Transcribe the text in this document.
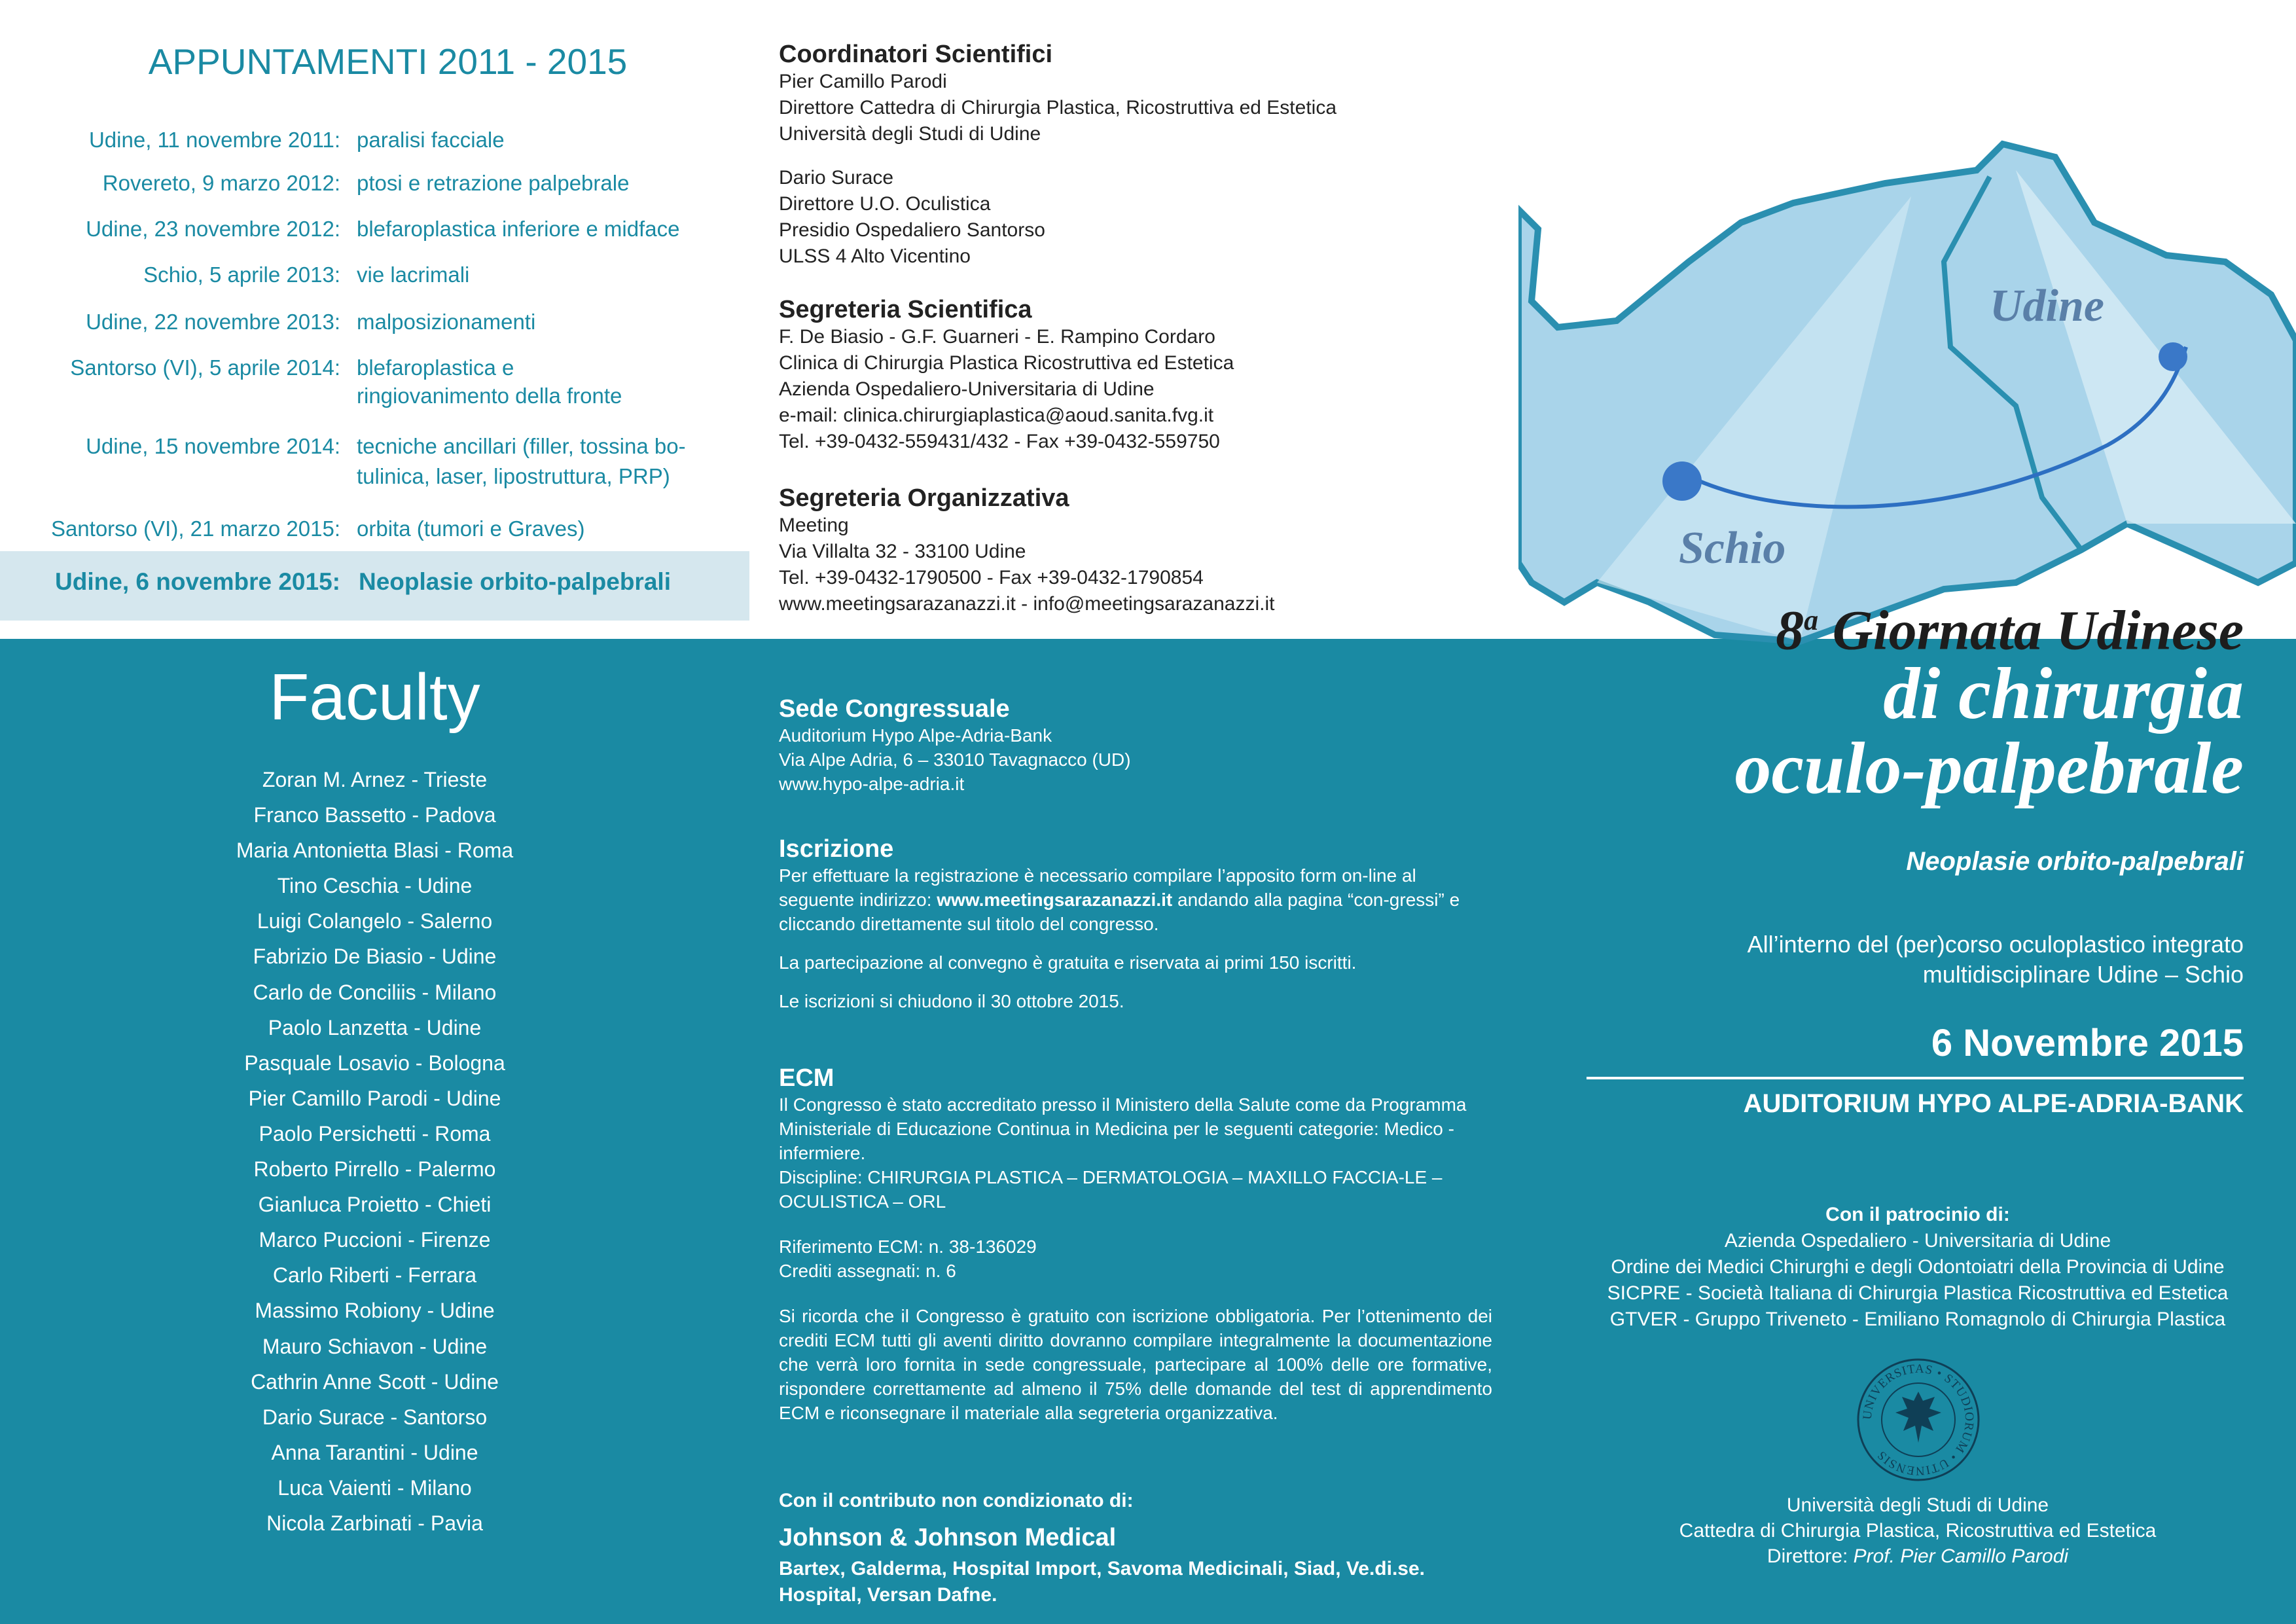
APPUNTAMENTI 2011 - 2015
Udine, 11 novembre 2011: paralisi facciale
Rovereto, 9 marzo 2012: ptosi e retrazione palpebrale
Udine, 23 novembre 2012: blefaroplastica inferiore e midface
Schio, 5 aprile 2013: vie lacrimali
Udine, 22 novembre 2013: malposizionamenti
Santorso (VI), 5 aprile 2014: blefaroplastica e
ringiovanimento della fronte
Udine, 15 novembre 2014: tecniche ancillari (filler, tossina bo-
tulinica, laser, lipostruttura, PRP)
Santorso (VI), 21 marzo 2015: orbita (tumori e Graves)
Udine, 6 novembre 2015: Neoplasie orbito-palpebrali
Coordinatori Scientifici
Pier Camillo Parodi
Direttore Cattedra di Chirurgia Plastica, Ricostruttiva ed Estetica
Università degli Studi di Udine
Dario Surace
Direttore U.O. Oculistica
Presidio Ospedaliero Santorso
ULSS 4 Alto Vicentino
Segreteria Scientifica
F. De Biasio - G.F. Guarneri - E. Rampino Cordaro
Clinica di Chirurgia Plastica Ricostruttiva ed Estetica
Azienda Ospedaliero-Universitaria di Udine
e-mail: clinica.chirurgiaplastica@aoud.sanita.fvg.it
Tel. +39-0432-559431/432 - Fax +39-0432-559750
Segreteria Organizzativa
Meeting
Via Villalta 32 - 33100 Udine
Tel. +39-0432-1790500 - Fax +39-0432-1790854
www.meetingsarazanazzi.it - info@meetingsarazanazzi.it
Udine
Schio
Faculty
Zoran M. Arnez - Trieste
Franco Bassetto - Padova
Maria Antonietta Blasi - Roma
Tino Ceschia - Udine
Luigi Colangelo - Salerno
Fabrizio De Biasio - Udine
Carlo de Conciliis - Milano
Paolo Lanzetta - Udine
Pasquale Losavio - Bologna
Pier Camillo Parodi - Udine
Paolo Persichetti - Roma
Roberto Pirrello - Palermo
Gianluca Proietto - Chieti
Marco Puccioni - Firenze
Carlo Riberti - Ferrara
Massimo Robiony - Udine
Mauro Schiavon - Udine
Cathrin Anne Scott - Udine
Dario Surace - Santorso
Anna Tarantini - Udine
Luca Vaienti - Milano
Nicola Zarbinati - Pavia
Sede Congressuale
Auditorium Hypo Alpe-Adria-Bank
Via Alpe Adria, 6 – 33010 Tavagnacco (UD)
www.hypo-alpe-adria.it
Iscrizione
Per effettuare la registrazione è necessario compilare l’apposito form on-line al seguente indirizzo: www.meetingsarazanazzi.it andando alla pagina “con-gressi” e cliccando direttamente sul titolo del congresso.
La partecipazione al convegno è gratuita e riservata ai primi 150 iscritti.
Le iscrizioni si chiudono il 30 ottobre 2015.
ECM
Il Congresso è stato accreditato presso il Ministero della Salute come da Programma Ministeriale di Educazione Continua in Medicina per le seguenti categorie: Medico - infermiere.
Discipline: CHIRURGIA PLASTICA – DERMATOLOGIA – MAXILLO FACCIA-LE – OCULISTICA – ORL
Riferimento ECM: n. 38-136029
Crediti assegnati: n. 6
Si ricorda che il Congresso è gratuito con iscrizione obbligatoria. Per l’ottenimento dei crediti ECM tutti gli aventi diritto dovranno compilare integralmente la documentazione che verrà loro fornita in sede congressuale, partecipare al 100% delle ore formative, rispondere correttamente ad almeno il 75% delle domande del test di apprendimento ECM e riconsegnare il materiale alla segreteria organizzativa.
Con il contributo non condizionato di:
Johnson & Johnson Medical
Bartex, Galderma, Hospital Import, Savoma Medicinali, Siad, Ve.di.se. Hospital, Versan Dafne.
8$^a$ Giornata Udinese
di chirurgia
oculo-palpebrale
Neoplasie orbito-palpebrali
All’interno del (per)corso oculoplastico integrato
multidisciplinare Udine – Schio
6 Novembre 2015
AUDITORIUM HYPO ALPE-ADRIA-BANK
Con il patrocinio di:
Azienda Ospedaliero - Universitaria di Udine
Ordine dei Medici Chirurghi e degli Odontoiatri della Provincia di Udine
SICPRE - Società Italiana di Chirurgia Plastica Ricostruttiva ed Estetica
GTVER - Gruppo Triveneto - Emiliano Romagnolo di Chirurgia Plastica
UNIVERSITAS • STUDIORUM • UTINENSIS
Università degli Studi di Udine
Cattedra di Chirurgia Plastica, Ricostruttiva ed Estetica
Direttore: Prof. Pier Camillo Parodi
